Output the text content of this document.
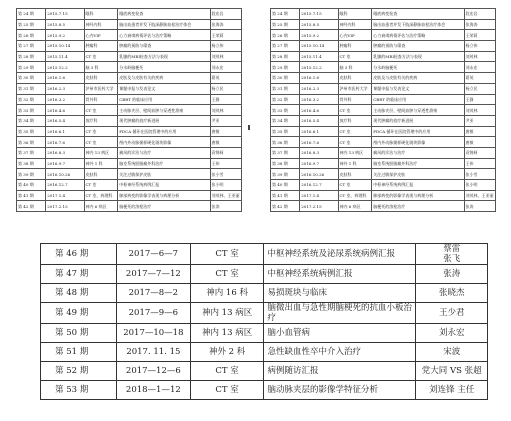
第 24 期	2015.7.15	眼科	眼底病变检查	段宏岩
第 25 期	2015.8.5	神经内科	脑出血患者并发下肢深静脉血栓治疗体会	张海涛
第 26 期	2015.9.2	心内VIP	心力衰竭病情评估与治疗策略	王荣莉
第 27 期	2015.10.14	肿瘤科	肿瘤的预防与筛查	杨立伟
第 28 期	2015.11.4	CT 室	乳腺的MRI检查方法与表现	刘茂林
第 29 期	2015.12.2	脑 3 科	分水岭脑梗死	刘永宏
第 30 期	2016.1.6	皮肤科	皮肤及与皮肤有关的疾病	葛英
第 31 期	2016.2.3	泸州市医药大学	课题申报与发表论文	杨立民
第 32 期	2016.3.2	骨外科	CBRT 的临床应用	王静
第 33 期	2016.4.6	CT 室	主动脉夹层、壁间血肿与穿透性溃疡	刘茂林
第 34 期	2016.5.4	放疗科	现代肿瘤的放疗新进展	尹亚
第 35 期	2016.6.1	CT 室	PDCA 循环在医院管理中的应用	唐敏
第 36 期	2016.7.6	CT 室	颅内外动脉粥样硬化斑块影像	唐敏
第 37 期	2016.8.3	神内 13 病区	痛风的诊治与治疗	袁锦柯
第 38 期	2016.9.7	神外 1 科	脑室系统胆脂瘤外科治疗	王伟
第 39 期	2016.10.26	皮肤科	关注过敏保护皮肤	张小雪
第 40 期	2016.12.7	CT 室	中枢神经系统病例汇报	张小明
第 41 期	2017.1.4	CT 室、病理科	肺部病变的影像学表现与病理分析	刘茂林、王亚丽
第 42 期	2017.2.15	神内 6 病区	脑梗死的溶栓治疗	张涛
第 24 期	2015.7.15	眼科	眼底病变检查	段宏岩
第 25 期	2015.8.5	神经内科	脑出血患者并发下肢深静脉血栓治疗体会	张海涛
第 26 期	2015.9.2	心内VIP	心力衰竭病情评估与治疗策略	王荣莉
第 27 期	2015.10.14	肿瘤科	肿瘤的预防与筛查	杨立伟
第 28 期	2015.11.4	CT 室	乳腺的MRI检查方法与表现	刘茂林
第 29 期	2015.12.2	脑 3 科	分水岭脑梗死	刘永宏
第 30 期	2016.1.6	皮肤科	皮肤及与皮肤有关的疾病	葛英
第 31 期	2016.2.3	泸州市医药大学	课题申报与发表论文	杨立民
第 32 期	2016.3.2	骨外科	CBRT 的临床应用	王静
第 33 期	2016.4.6	CT 室	主动脉夹层、壁间血肿与穿透性溃疡	刘茂林
第 34 期	2016.5.4	放疗科	现代肿瘤的放疗新进展	尹亚
第 35 期	2016.6.1	CT 室	PDCA 循环在医院管理中的应用	唐敏
第 36 期	2016.7.6	CT 室	颅内外动脉粥样硬化斑块影像	唐敏
第 37 期	2016.8.3	神内 13 病区	痛风的诊治与治疗	袁锦柯
第 38 期	2016.9.7	神外 1 科	脑室系统胆脂瘤外科治疗	王伟
第 39 期	2016.10.26	皮肤科	关注过敏保护皮肤	张小雪
第 40 期	2016.12.7	CT 室	中枢神经系统病例汇报	张小明
第 41 期	2017.1.4	CT 室、病理科	肺部病变的影像学表现与病理分析	刘茂林、王亚丽
第 42 期	2017.2.15	神内 6 病区	脑梗死的溶栓治疗	张涛
第 46 期	2017—6—7	CT 室	中枢神经系统及泌尿系统病例汇报	蔡雷
张飞
第 47 期	2017—7—12	CT 室	中枢神经系统病例汇报	张涛
第 48 期	2017—8—2	神内 16 科	易损斑块与临床	张晓杰
第 49 期	2017—9—6	神内 13 病区	脑微出血与急性期脑梗死的抗血小板治疗	王少君
第 50 期	2017—10—18	神内 13 病区	脑小血管病	刘永宏
第 51 期	2017. 11. 15	神外 2 科	急性缺血性卒中介入治疗	宋波
第 52 期	2017—12—6	CT 室	病例随访汇报	党大同 VS 张超
第 53 期	2018—1—12	CT 室	脑动脉夹层的影像学特征分析	刘连锋 主任
